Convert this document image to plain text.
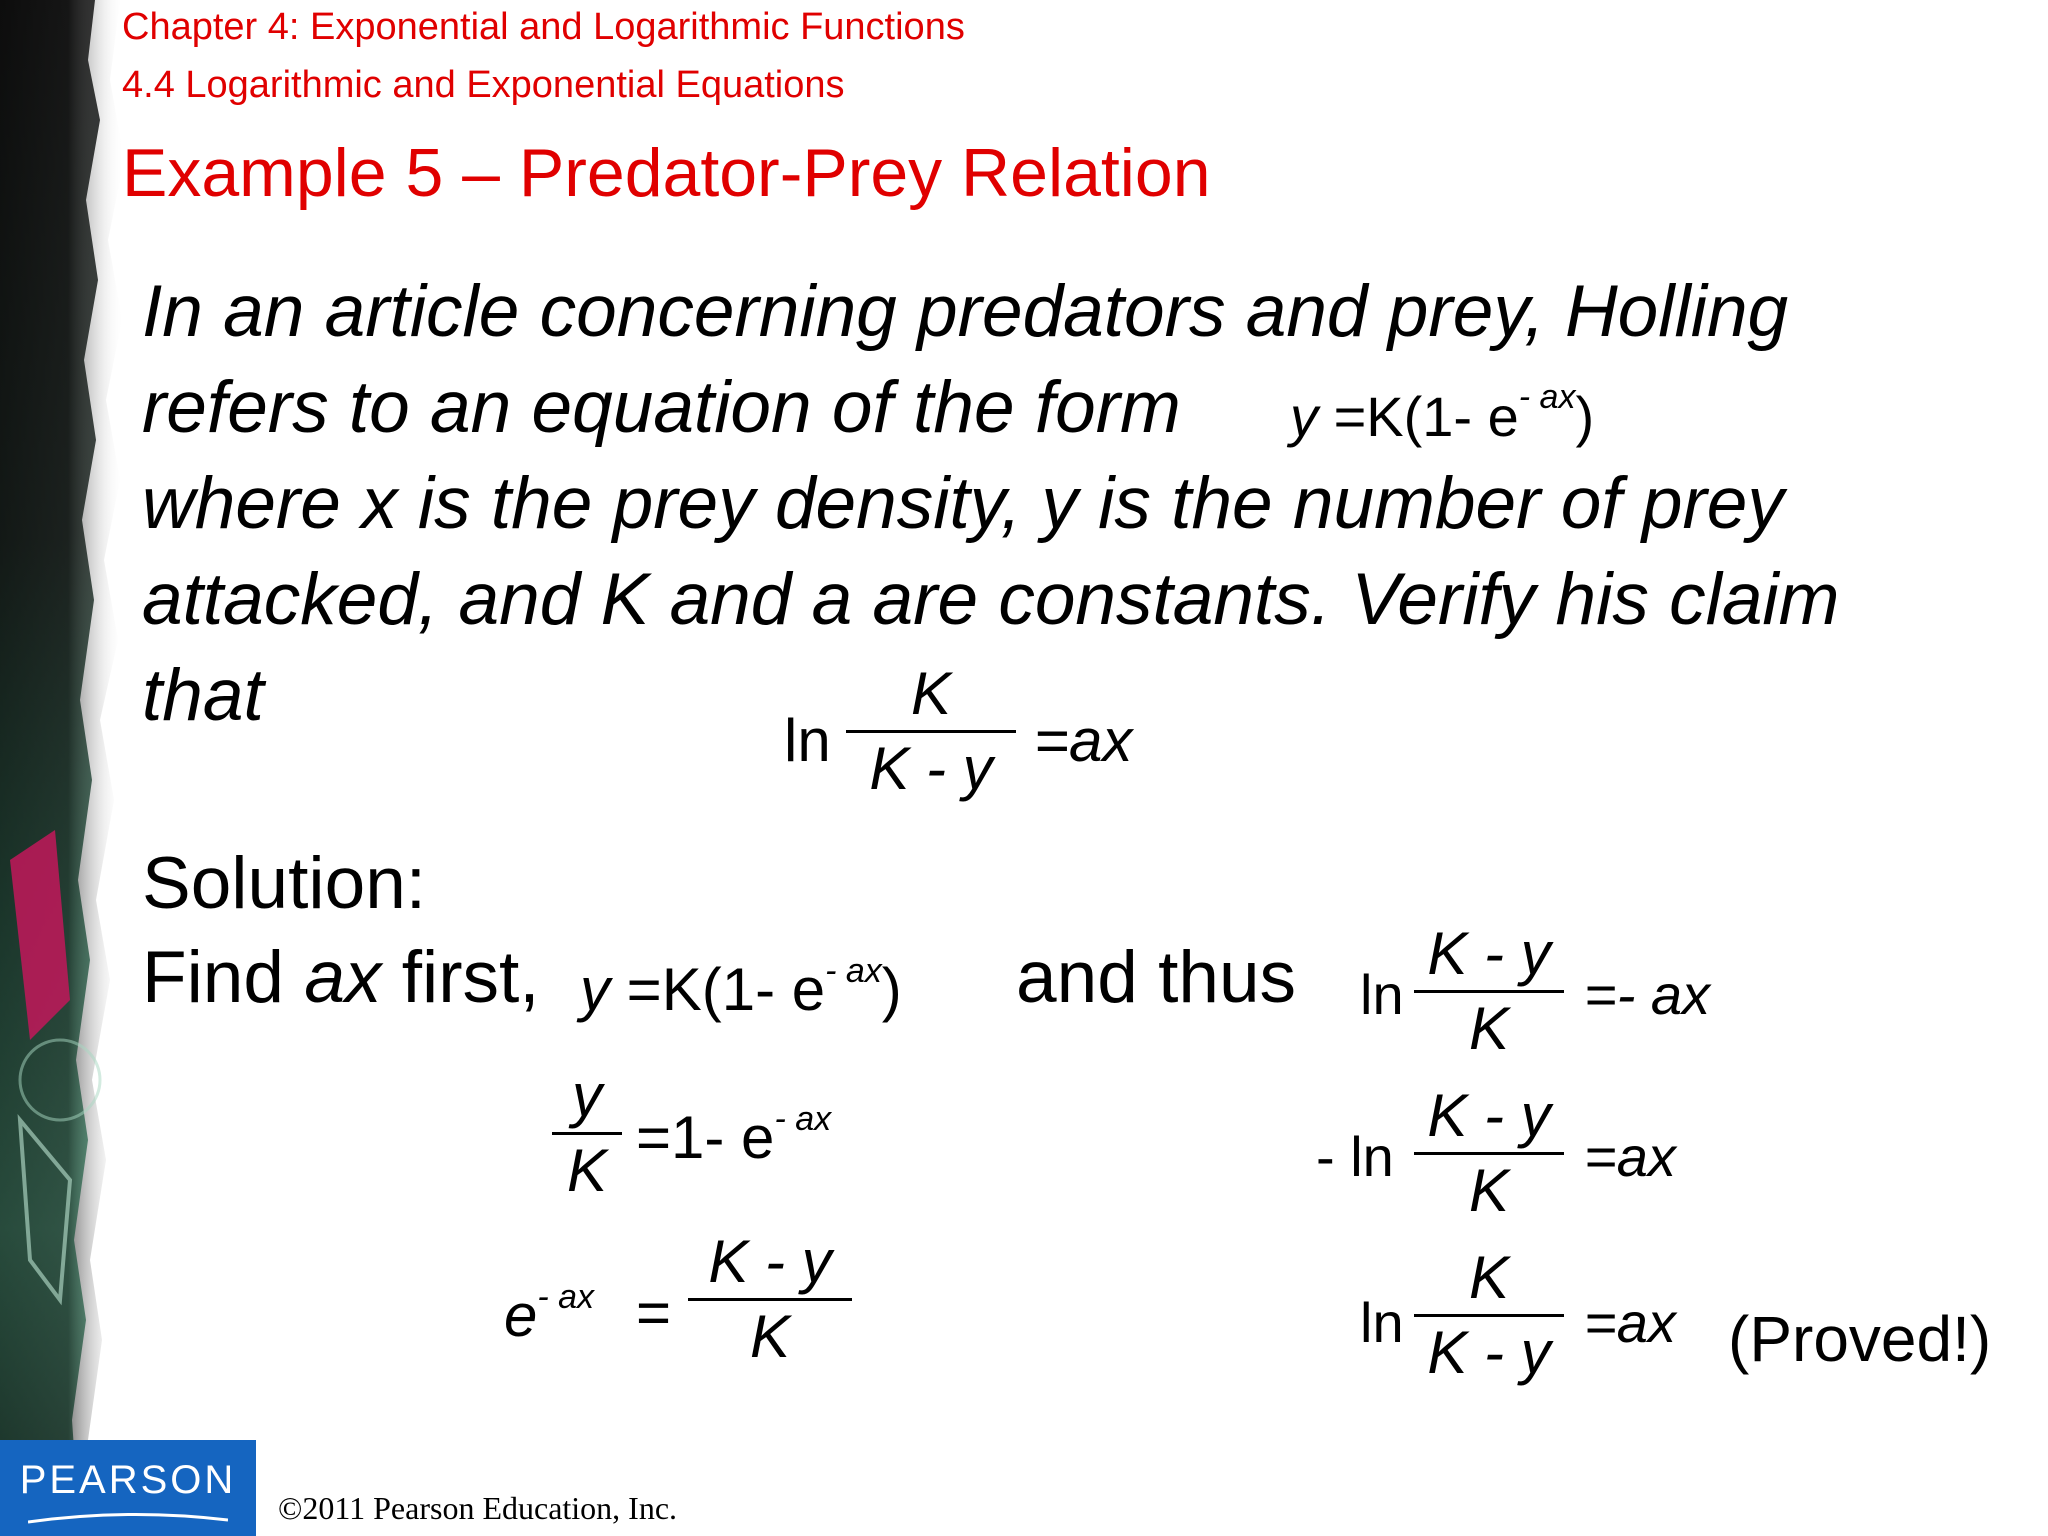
Chapter 4: Exponential and Logarithmic Functions
4.4 Logarithmic and Exponential Equations
Example 5 – Predator-Prey Relation
In an article concerning predators and prey, Holling
refers to an equation of the form y =K(1- $e^{- ax}$)
where x is the prey density, y is the number of prey
attacked, and K and a are constants. Verify his claim
that
ln
K
K - y =ax
Solution:
Find ax first, y =K(1- $e^{- ax}$) and thus
y
K =1- $e^{- ax}$
$e^{- ax}$ =
K - y
K
ln
K - y
K
=- ax
- ln
K - y
K
=ax
ln
K
K - y =ax (Proved!)
PEARSON
©2011 Pearson Education, Inc.
